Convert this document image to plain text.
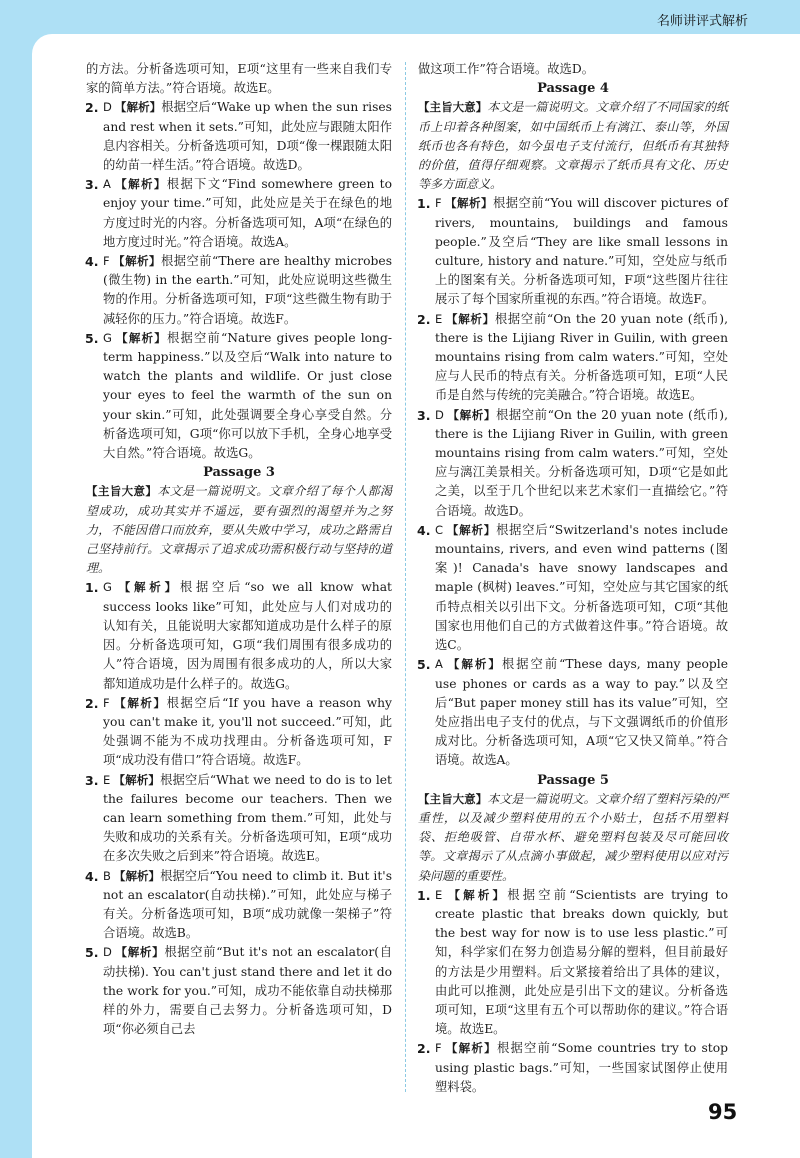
名师讲评式解析

的方法。分析备选项可知，E项“这里有一些来自我们专家的简单方法。”符合语境。故选E。

2. D 【解析】根据空后“Wake up when the sun rises and rest when it sets.”可知，此处应与跟随太阳作息内容相关。分析备选项可知，D项“像一棵跟随太阳的幼苗一样生活。”符合语境。故选D。

3. A 【解析】根据下文“Find somewhere green to enjoy your time.”可知，此处应是关于在绿色的地方度过时光的内容。分析备选项可知，A项“在绿色的地方度过时光。”符合语境。故选A。

4. F 【解析】根据空前“There are healthy microbes (微生物) in the earth.”可知，此处应说明这些微生物的作用。分析备选项可知，F项“这些微生物有助于减轻你的压力。”符合语境。故选F。

5. G 【解析】根据空前“Nature gives people long-term happiness.”以及空后“Walk into nature to watch the plants and wildlife. Or just close your eyes to feel the warmth of the sun on your skin.”可知，此处强调要全身心享受自然。分析备选项可知，G项“你可以放下手机，全身心地享受大自然。”符合语境。故选G。

Passage 3

【主旨大意】本文是一篇说明文。文章介绍了每个人都渴望成功，成功其实并不遥远，要有强烈的渴望并为之努力，不能因借口而放弃，要从失败中学习，成功之路需自己坚持前行。文章揭示了追求成功需积极行动与坚持的道理。

1. G 【解析】根据空后“so we all know what success looks like”可知，此处应与人们对成功的认知有关，且能说明大家都知道成功是什么样子的原因。分析备选项可知，G项“我们周围有很多成功的人”符合语境，因为周围有很多成功的人，所以大家都知道成功是什么样子的。故选G。

2. F 【解析】根据空后“If you have a reason why you can't make it, you'll not succeed.”可知，此处强调不能为不成功找理由。分析备选项可知，F项“成功没有借口”符合语境。故选F。

3. E 【解析】根据空后“What we need to do is to let the failures become our teachers. Then we can learn something from them.”可知，此处与失败和成功的关系有关。分析备选项可知，E项“成功在多次失败之后到来”符合语境。故选E。

4. B 【解析】根据空后“You need to climb it. But it's not an escalator(自动扶梯).”可知，此处应与梯子有关。分析备选项可知，B项“成功就像一架梯子”符合语境。故选B。

5. D 【解析】根据空前“But it's not an escalator(自动扶梯). You can't just stand there and let it do the work for you.”可知，成功不能依靠自动扶梯那样的外力，需要自己去努力。分析备选项可知，D项“你必须自己去

做这项工作”符合语境。故选D。

Passage 4

【主旨大意】本文是一篇说明文。文章介绍了不同国家的纸币上印着各种图案，如中国纸币上有漓江、泰山等，外国纸币也各有特色，如今虽电子支付流行，但纸币有其独特的价值，值得仔细观察。文章揭示了纸币具有文化、历史等多方面意义。

1. F 【解析】根据空前“You will discover pictures of rivers, mountains, buildings and famous people.”及空后“They are like small lessons in culture, history and nature.”可知，空处应与纸币上的图案有关。分析备选项可知，F项“这些图片往往展示了每个国家所重视的东西。”符合语境。故选F。

2. E 【解析】根据空前“On the 20 yuan note (纸币), there is the Lijiang River in Guilin, with green mountains rising from calm waters.”可知，空处应与人民币的特点有关。分析备选项可知，E项“人民币是自然与传统的完美融合。”符合语境。故选E。

3. D 【解析】根据空前“On the 20 yuan note (纸币), there is the Lijiang River in Guilin, with green mountains rising from calm waters.”可知，空处应与漓江美景相关。分析备选项可知，D项“它是如此之美，以至于几个世纪以来艺术家们一直描绘它。”符合语境。故选D。

4. C 【解析】根据空后“Switzerland's notes include mountains, rivers, and even wind patterns (图案)! Canada's have snowy landscapes and maple (枫树) leaves.”可知，空处应与其它国家的纸币特点相关以引出下文。分析备选项可知，C项“其他国家也用他们自己的方式做着这件事。”符合语境。故选C。

5. A 【解析】根据空前“These days, many people use phones or cards as a way to pay.”以及空后“But paper money still has its value”可知，空处应指出电子支付的优点，与下文强调纸币的价值形成对比。分析备选项可知，A项“它又快又简单。”符合语境。故选A。

Passage 5

【主旨大意】本文是一篇说明文。文章介绍了塑料污染的严重性，以及减少塑料使用的五个小贴士，包括不用塑料袋、拒绝吸管、自带水杯、避免塑料包装及尽可能回收等。文章揭示了从点滴小事做起，减少塑料使用以应对污染问题的重要性。

1. E 【解析】根据空前“Scientists are trying to create plastic that breaks down quickly, but the best way for now is to use less plastic.”可知，科学家们在努力创造易分解的塑料，但目前最好的方法是少用塑料。后文紧接着给出了具体的建议，由此可以推测，此处应是引出下文的建议。分析备选项可知，E项“这里有五个可以帮助你的建议。”符合语境。故选E。

2. F 【解析】根据空前“Some countries try to stop using plastic bags.”可知，一些国家试图停止使用塑料袋。

95
